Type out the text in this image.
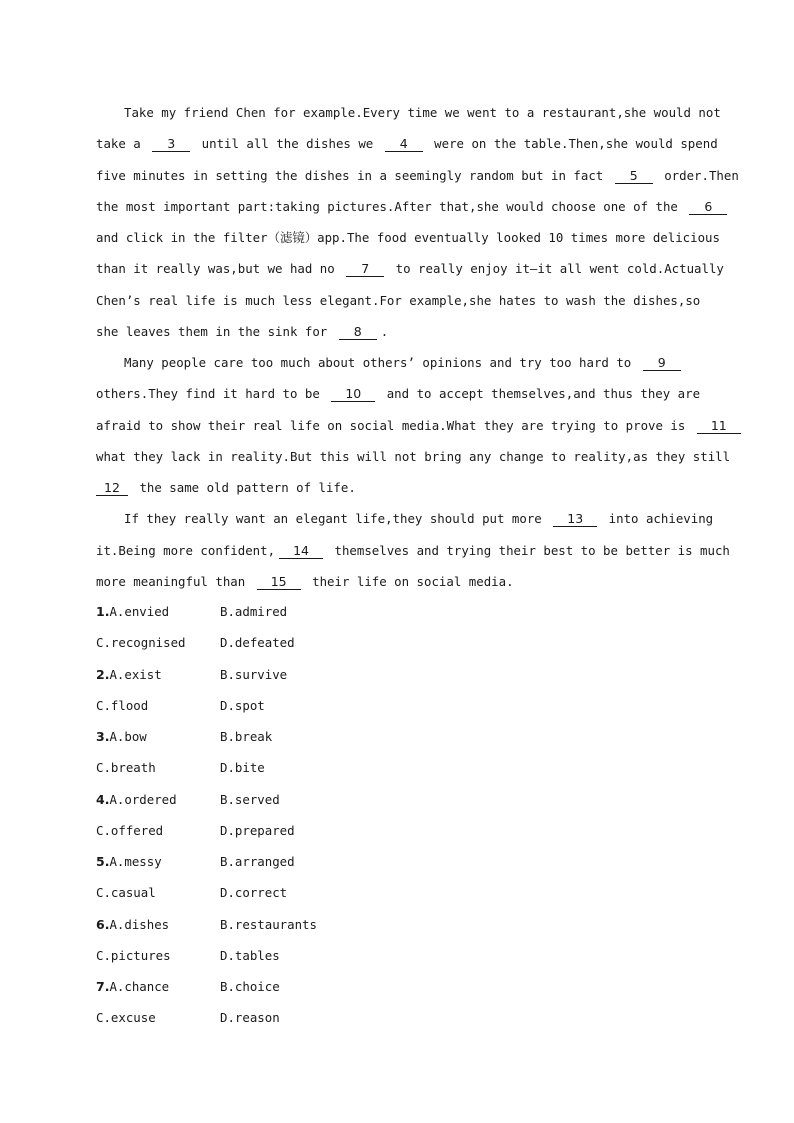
Take my friend Chen for example.Every time we went to a restaurant,she would not
take a 3 until all the dishes we 4 were on the table.Then,she would spend
five minutes in setting the dishes in a seemingly random but in fact 5 order.Then
the most important part:taking pictures.After that,she would choose one of the 6
and click in the filter（滤镜）app.The food eventually looked 10 times more delicious
than it really was,but we had no 7 to really enjoy it—it all went cold.Actually
Chen’s real life is much less elegant.For example,she hates to wash the dishes,so
she leaves them in the sink for 8 .
Many people care too much about others’ opinions and try too hard to 9
others.They find it hard to be 10 and to accept themselves,and thus they are
afraid to show their real life on social media.What they are trying to prove is 11
what they lack in reality.But this will not bring any change to reality,as they still
12 the same old pattern of life.
If they really want an elegant life,they should put more 13 into achieving
it.Being more confident, 14 themselves and trying their best to be better is much
more meaningful than 15 their life on social media.
1.A.envied	B.admired
C.recognised	D.defeated
2.A.exist	B.survive
C.flood	D.spot
3.A.bow	B.break
C.breath	D.bite
4.A.ordered	B.served
C.offered	D.prepared
5.A.messy	B.arranged
C.casual	D.correct
6.A.dishes	B.restaurants
C.pictures	D.tables
7.A.chance	B.choice
C.excuse	D.reason
